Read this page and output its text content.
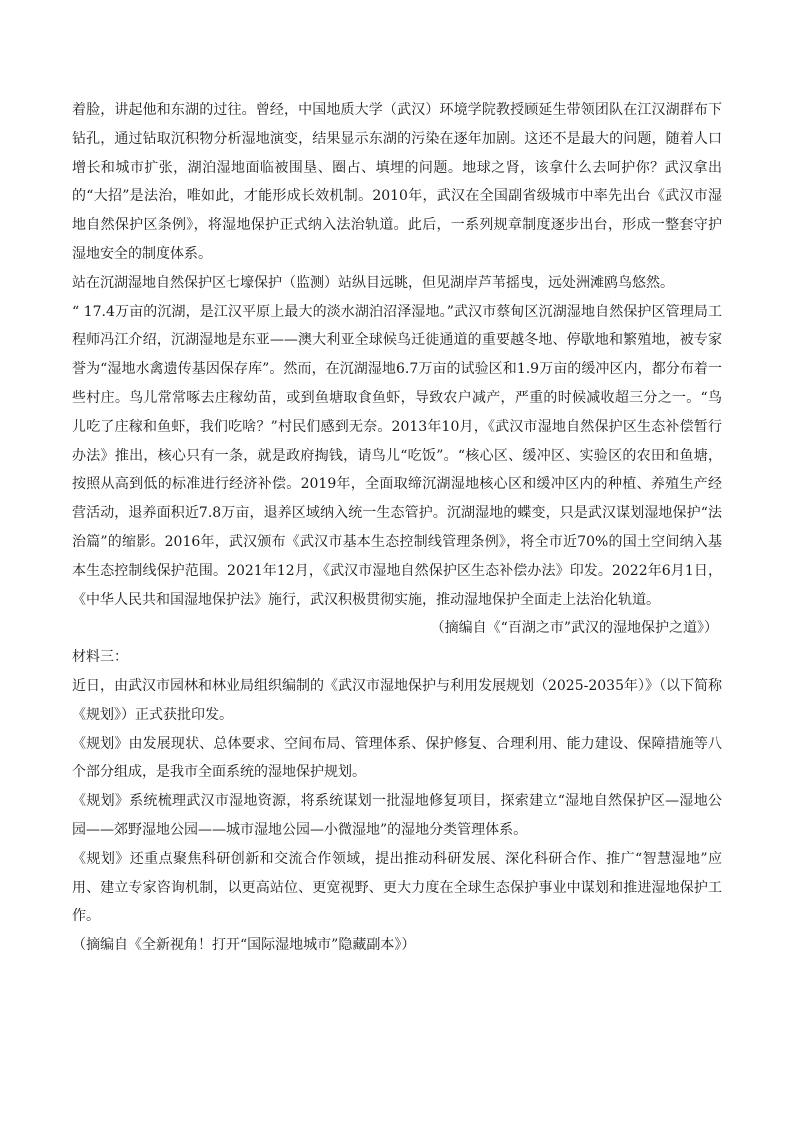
着脸，讲起他和东湖的过往。曾经，中国地质大学（武汉）环境学院教授顾延生带领团队在江汉湖群布下钻孔，通过钻取沉积物分析湿地演变，结果显示东湖的污染在逐年加剧。这还不是最大的问题，随着人口增长和城市扩张，湖泊湿地面临被围垦、圈占、填埋的问题。地球之肾，该拿什么去呵护你？武汉拿出的“大招”是法治，唯如此，才能形成长效机制。2010年，武汉在全国副省级城市中率先出台《武汉市湿地自然保护区条例》，将湿地保护正式纳入法治轨道。此后，一系列规章制度逐步出台，形成一整套守护湿地安全的制度体系。

站在沉湖湿地自然保护区七壕保护（监测）站纵目远眺，但见湖岸芦苇摇曳，远处洲滩鸥鸟悠然。

“ 17.4万亩的沉湖，是江汉平原上最大的淡水湖泊沼泽湿地。”武汉市蔡甸区沉湖湿地自然保护区管理局工程师冯江介绍，沉湖湿地是东亚——澳大利亚全球候鸟迁徙通道的重要越冬地、停歇地和繁殖地，被专家誉为“湿地水禽遗传基因保存库”。然而，在沉湖湿地6.7万亩的试验区和1.9万亩的缓冲区内，都分布着一些村庄。鸟儿常常啄去庄稼幼苗，或到鱼塘取食鱼虾，导致农户减产，严重的时候减收超三分之一。“鸟儿吃了庄稼和鱼虾，我们吃啥？”村民们感到无奈。2013年10月，《武汉市湿地自然保护区生态补偿暂行办法》推出，核心只有一条，就是政府掏钱，请鸟儿“吃饭”。“核心区、缓冲区、实验区的农田和鱼塘，按照从高到低的标准进行经济补偿。2019年，全面取缔沉湖湿地核心区和缓冲区内的种植、养殖生产经营活动，退养面积近7.8万亩，退养区域纳入统一生态管护。沉湖湿地的蝶变，只是武汉谋划湿地保护“法治篇”的缩影。2016年，武汉颁布《武汉市基本生态控制线管理条例》，将全市近70%的国土空间纳入基本生态控制线保护范围。2021年12月，《武汉市湿地自然保护区生态补偿办法》印发。2022年6月1日，《中华人民共和国湿地保护法》施行，武汉积极贯彻实施，推动湿地保护全面走上法治化轨道。

（摘编自《“百湖之市”武汉的湿地保护之道》）

材料三：

近日，由武汉市园林和林业局组织编制的《武汉市湿地保护与利用发展规划（2025-2035年）》（以下简称《规划》）正式获批印发。

《规划》由发展现状、总体要求、空间布局、管理体系、保护修复、合理利用、能力建设、保障措施等八个部分组成，是我市全面系统的湿地保护规划。

《规划》系统梳理武汉市湿地资源，将系统谋划一批湿地修复项目，探索建立“湿地自然保护区—湿地公园——郊野湿地公园——城市湿地公园—小微湿地”的湿地分类管理体系。

《规划》还重点聚焦科研创新和交流合作领域，提出推动科研发展、深化科研合作、推广“智慧湿地”应用、建立专家咨询机制，以更高站位、更宽视野、更大力度在全球生态保护事业中谋划和推进湿地保护工作。

（摘编自《全新视角！打开“国际湿地城市”隐藏副本》）
